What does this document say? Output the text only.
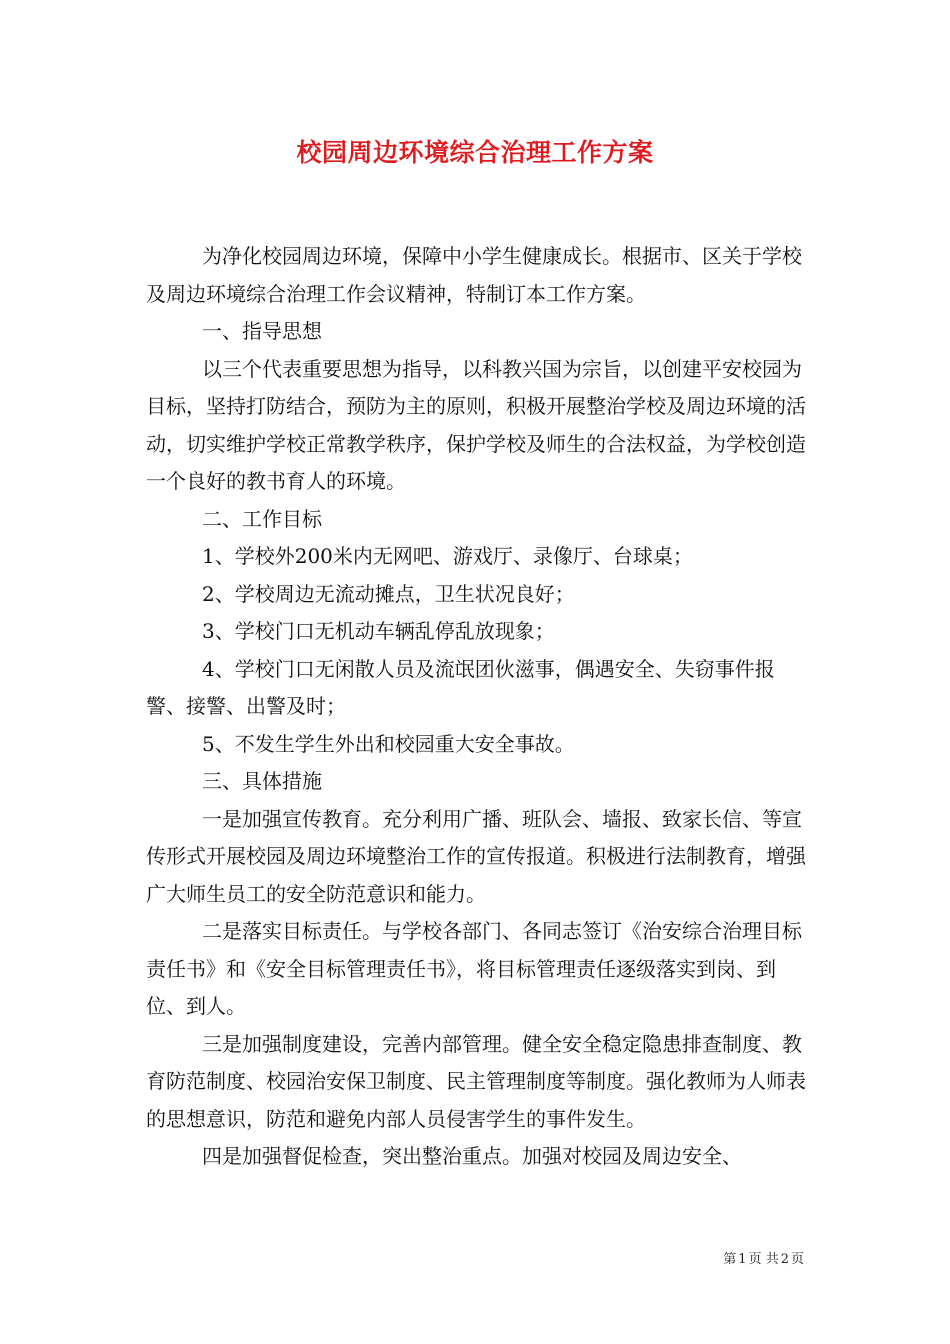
校园周边环境综合治理工作方案

为净化校园周边环境，保障中小学生健康成长。根据市、区关于学校及周边环境综合治理工作会议精神，特制订本工作方案。

一、指导思想

以三个代表重要思想为指导，以科教兴国为宗旨，以创建平安校园为目标，坚持打防结合，预防为主的原则，积极开展整治学校及周边环境的活动，切实维护学校正常教学秩序，保护学校及师生的合法权益，为学校创造一个良好的教书育人的环境。

二、工作目标

1、学校外200米内无网吧、游戏厅、录像厅、台球桌；

2、学校周边无流动摊点，卫生状况良好；

3、学校门口无机动车辆乱停乱放现象；

4、学校门口无闲散人员及流氓团伙滋事，偶遇安全、失窃事件报警、接警、出警及时；

5、不发生学生外出和校园重大安全事故。

三、具体措施

一是加强宣传教育。充分利用广播、班队会、墙报、致家长信、等宣传形式开展校园及周边环境整治工作的宣传报道。积极进行法制教育，增强广大师生员工的安全防范意识和能力。

二是落实目标责任。与学校各部门、各同志签订《治安综合治理目标责任书》和《安全目标管理责任书》，将目标管理责任逐级落实到岗、到位、到人。

三是加强制度建设，完善内部管理。健全安全稳定隐患排查制度、教育防范制度、校园治安保卫制度、民主管理制度等制度。强化教师为人师表的思想意识，防范和避免内部人员侵害学生的事件发生。

四是加强督促检查，突出整治重点。加强对校园及周边安全、

第 1 页 共 2 页
